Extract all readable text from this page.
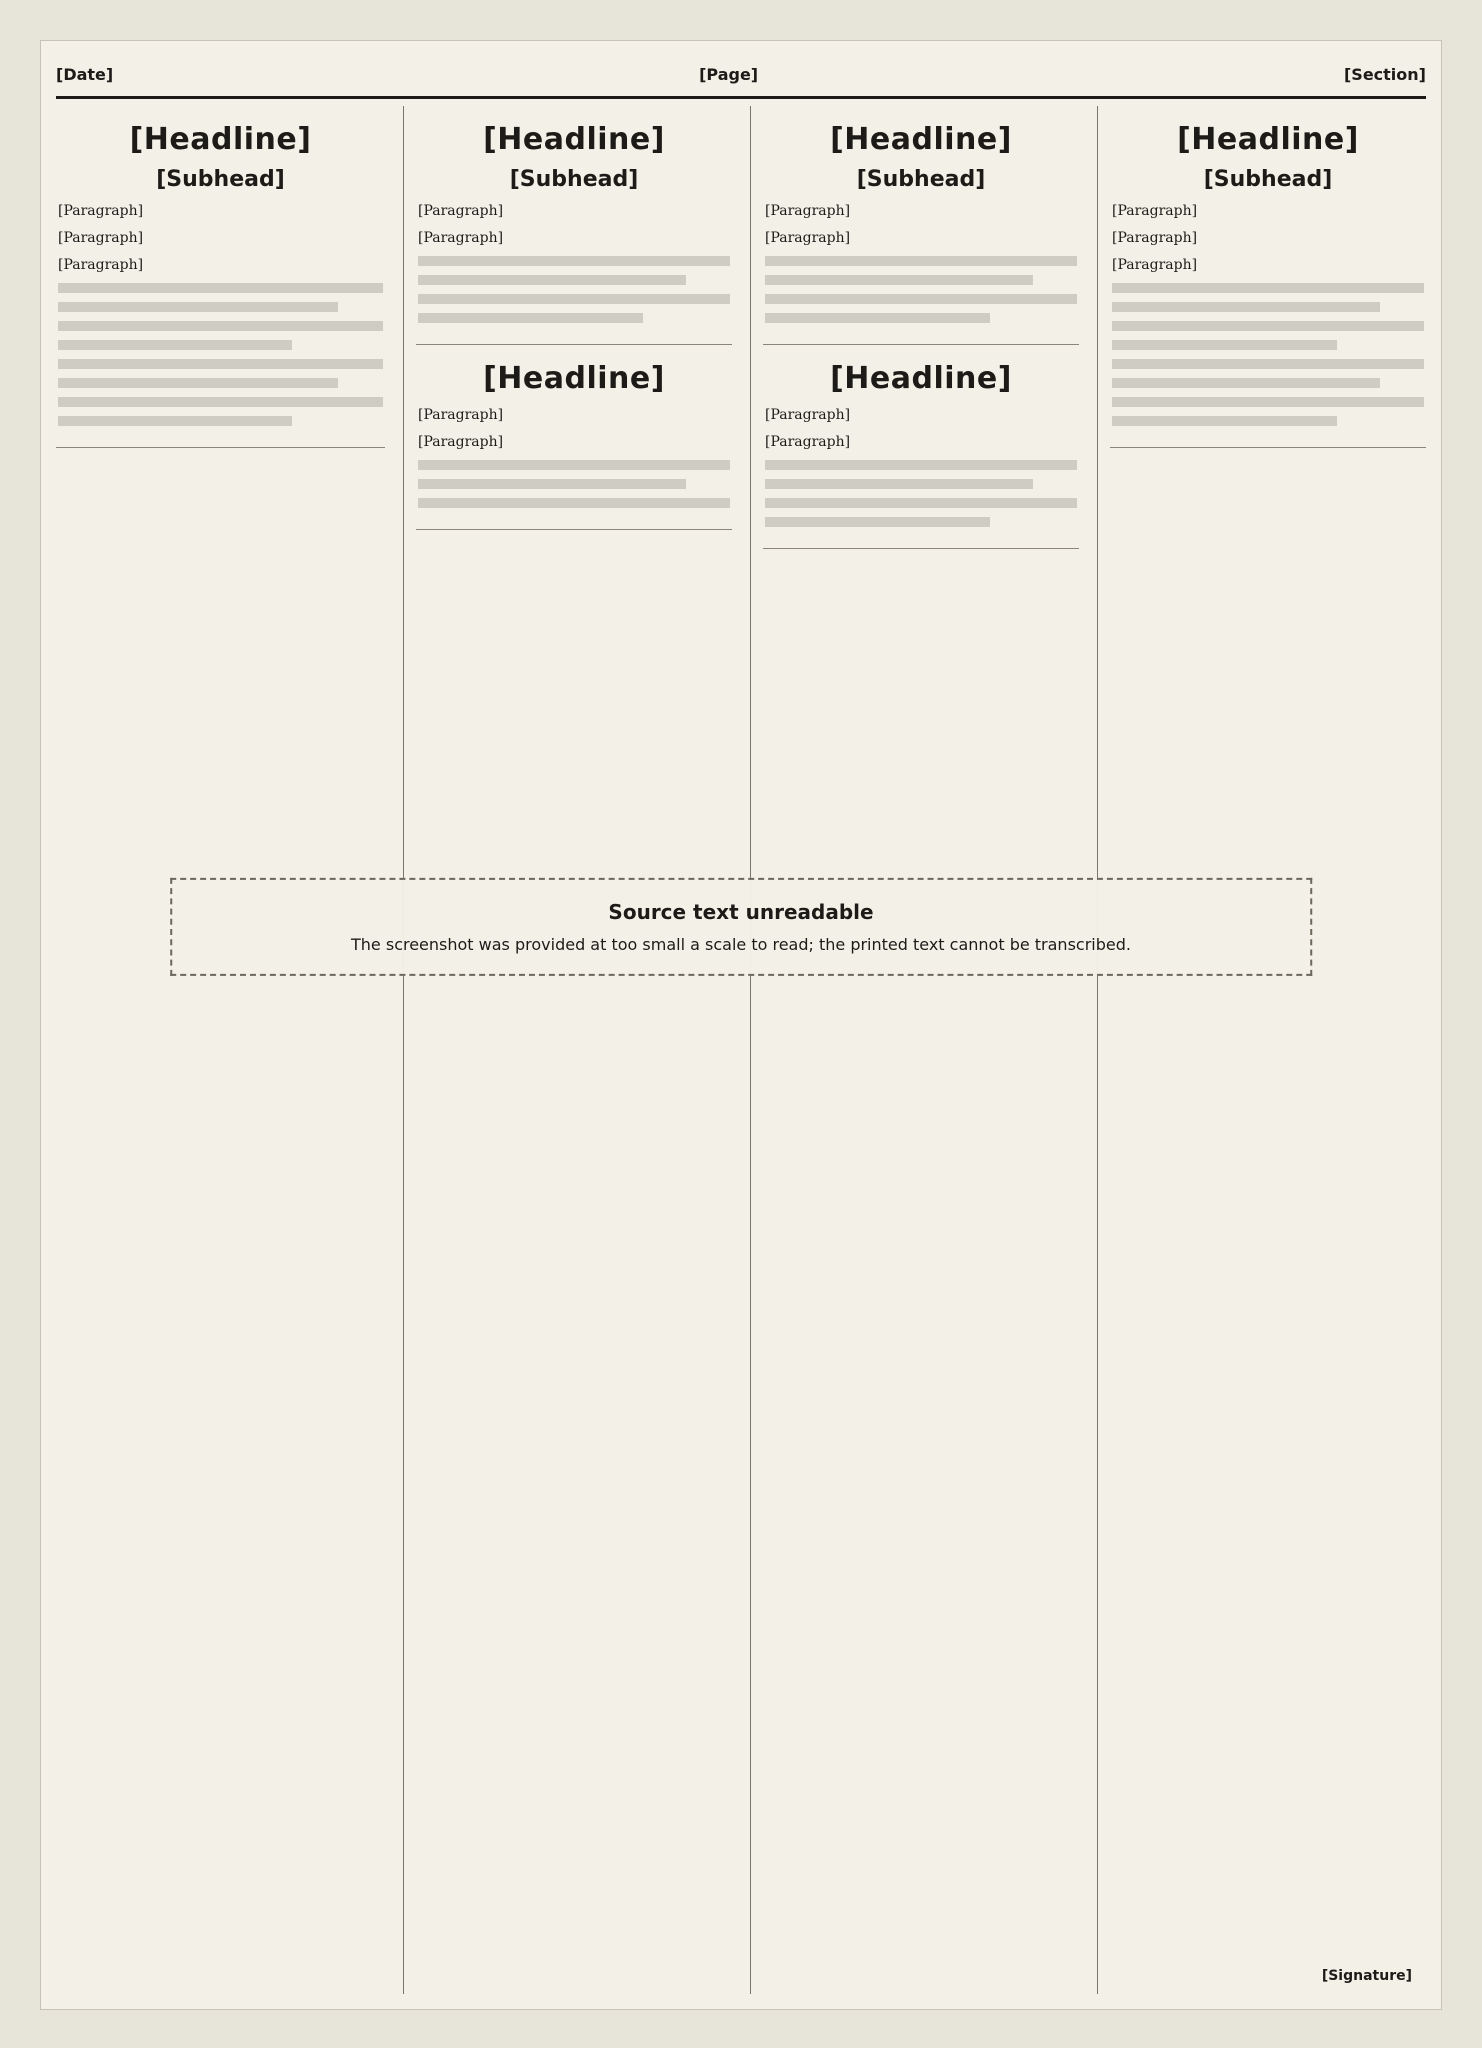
[Date]	[Page]	[Section]
[Headline]
[Subhead]

[Paragraph]

[Paragraph]

[Paragraph]

[Headline]
[Subhead]

[Paragraph]

[Paragraph]

[Headline]

[Paragraph]

[Paragraph]

[Headline]
[Subhead]

[Paragraph]

[Paragraph]

[Headline]

[Paragraph]

[Paragraph]

[Headline]
[Subhead]

[Paragraph]

[Paragraph]

[Paragraph]

[Signature]
Source text unreadable
The screenshot was provided at too small a scale to read; the printed text cannot be transcribed.
